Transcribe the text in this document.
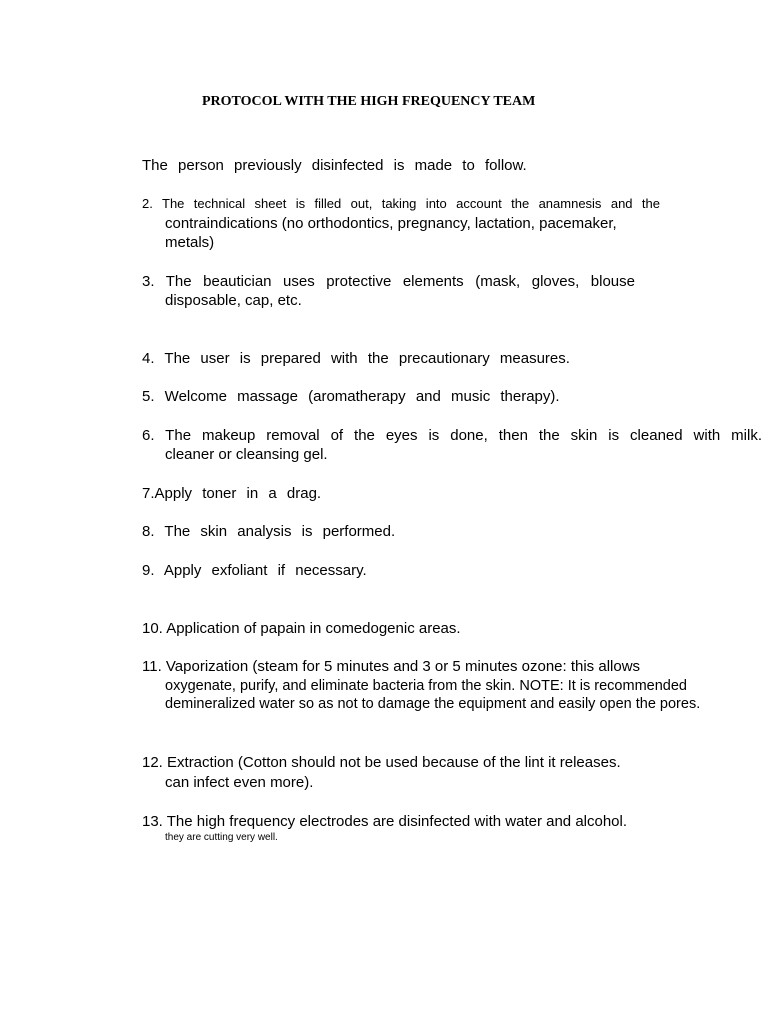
PROTOCOL WITH THE HIGH FREQUENCY TEAM
The person previously disinfected is made to follow.
2. The technical sheet is filled out, taking into account the anamnesis and the
contraindications (no orthodontics, pregnancy, lactation, pacemaker,
metals)
3. The beautician uses protective elements (mask, gloves, blouse
disposable, cap, etc.
4. The user is prepared with the precautionary measures.
5. Welcome massage (aromatherapy and music therapy).
6. The makeup removal of the eyes is done, then the skin is cleaned with milk.
cleaner or cleansing gel.
7.Apply toner in a drag.
8. The skin analysis is performed.
9. Apply exfoliant if necessary.
10. Application of papain in comedogenic areas.
11. Vaporization (steam for 5 minutes and 3 or 5 minutes ozone: this allows
oxygenate, purify, and eliminate bacteria from the skin. NOTE: It is recommended
demineralized water so as not to damage the equipment and easily open the pores.
12. Extraction (Cotton should not be used because of the lint it releases.
can infect even more).
13. The high frequency electrodes are disinfected with water and alcohol.
they are cutting very well.
